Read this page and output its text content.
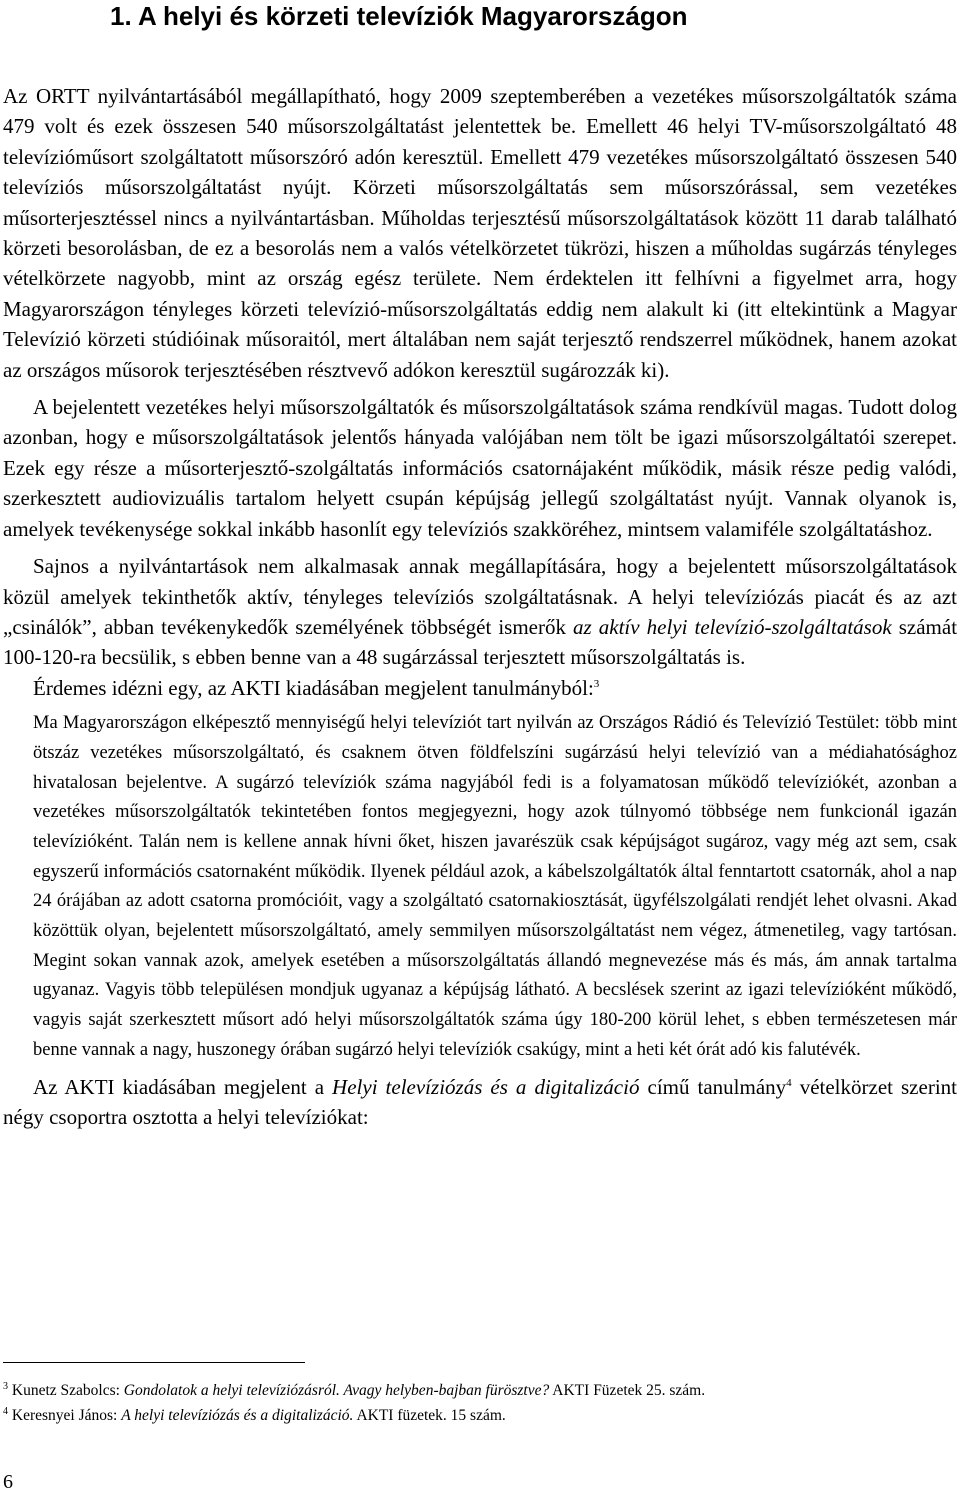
1. A helyi és körzeti televíziók Magyarországon

Az ORTT nyilvántartásából megállapítható, hogy 2009 szeptemberében a vezetékes műsorszolgáltatók száma 479 volt és ezek összesen 540 műsorszolgáltatást jelentettek be. Emellett 46 helyi TV-műsorszolgáltató 48 televízióműsort szolgáltatott műsorszóró adón keresztül. Emellett 479 vezetékes műsorszolgáltató összesen 540 televíziós műsorszolgáltatást nyújt. Körzeti műsorszolgáltatás sem műsorszórással, sem vezetékes műsorterjesztéssel nincs a nyilvántartásban. Műholdas terjesztésű műsorszolgáltatások között 11 darab található körzeti besorolásban, de ez a besorolás nem a valós vételkörzetet tükrözi, hiszen a műholdas sugárzás tényleges vételkörzete nagyobb, mint az ország egész területe. Nem érdektelen itt felhívni a figyelmet arra, hogy Magyarországon tényleges körzeti televízió-műsorszolgáltatás eddig nem alakult ki (itt eltekintünk a Magyar Televízió körzeti stúdióinak műsoraitól, mert általában nem saját terjesztő rendszerrel működnek, hanem azokat az országos műsorok terjesztésében résztvevő adókon keresztül sugározzák ki).

A bejelentett vezetékes helyi műsorszolgáltatók és műsorszolgáltatások száma rendkívül magas. Tudott dolog azonban, hogy e műsorszolgáltatások jelentős hányada valójában nem tölt be igazi műsorszolgáltatói szerepet. Ezek egy része a műsorterjesztő-szolgáltatás információs csatornájaként működik, másik része pedig valódi, szerkesztett audiovizuális tartalom helyett csupán képújság jellegű szolgáltatást nyújt. Vannak olyanok is, amelyek tevékenysége sokkal inkább hasonlít egy televíziós szakköréhez, mintsem valamiféle szolgáltatáshoz.

Sajnos a nyilvántartások nem alkalmasak annak megállapítására, hogy a bejelentett műsorszolgáltatások közül amelyek tekinthetők aktív, tényleges televíziós szolgáltatásnak. A helyi televíziózás piacát és az azt „csinálók”, abban tevékenykedők személyének többségét ismerők az aktív helyi televízió-szolgáltatások számát 100-120-ra becsülik, s ebben benne van a 48 sugárzással terjesztett műsorszolgáltatás is.

Érdemes idézni egy, az AKTI kiadásában megjelent tanulmányból:$^3$

Ma Magyarországon elképesztő mennyiségű helyi televíziót tart nyilván az Országos Rádió és Televízió Testület: több mint ötszáz vezetékes műsorszolgáltató, és csaknem ötven földfelszíni sugárzású helyi televízió van a médiahatósághoz hivatalosan bejelentve. A sugárzó televíziók száma nagyjából fedi is a folyamatosan működő televíziókét, azonban a vezetékes műsorszolgáltatók tekintetében fontos megjegyezni, hogy azok túlnyomó többsége nem funkcionál igazán televízióként. Talán nem is kellene annak hívni őket, hiszen javarészük csak képújságot sugároz, vagy még azt sem, csak egyszerű információs csatornaként működik. Ilyenek például azok, a kábelszolgáltatók által fenntartott csatornák, ahol a nap 24 órájában az adott csatorna promócióit, vagy a szolgáltató csatornakiosztását, ügyfélszolgálati rendjét lehet olvasni. Akad közöttük olyan, bejelentett műsorszolgáltató, amely semmilyen műsorszolgáltatást nem végez, átmenetileg, vagy tartósan. Megint sokan vannak azok, amelyek esetében a műsorszolgáltatás állandó megnevezése más és más, ám annak tartalma ugyanaz. Vagyis több településen mondjuk ugyanaz a képújság látható. A becslések szerint az igazi televízióként működő, vagyis saját szerkesztett műsort adó helyi műsorszolgáltatók száma úgy 180-200 körül lehet, s ebben természetesen már benne vannak a nagy, huszonegy órában sugárzó helyi televíziók csakúgy, mint a heti két órát adó kis falutévék.

Az AKTI kiadásában megjelent a Helyi televíziózás és a digitalizáció című tanulmány$^4$ vételkörzet szerint négy csoportra osztotta a helyi televíziókat:

$^3$ Kunetz Szabolcs: Gondolatok a helyi televíziózásról. Avagy helyben-bajban fürösztve? AKTI Füzetek 25. szám.
$^4$ Keresnyei János: A helyi televíziózás és a digitalizáció. AKTI füzetek. 15 szám.
6
